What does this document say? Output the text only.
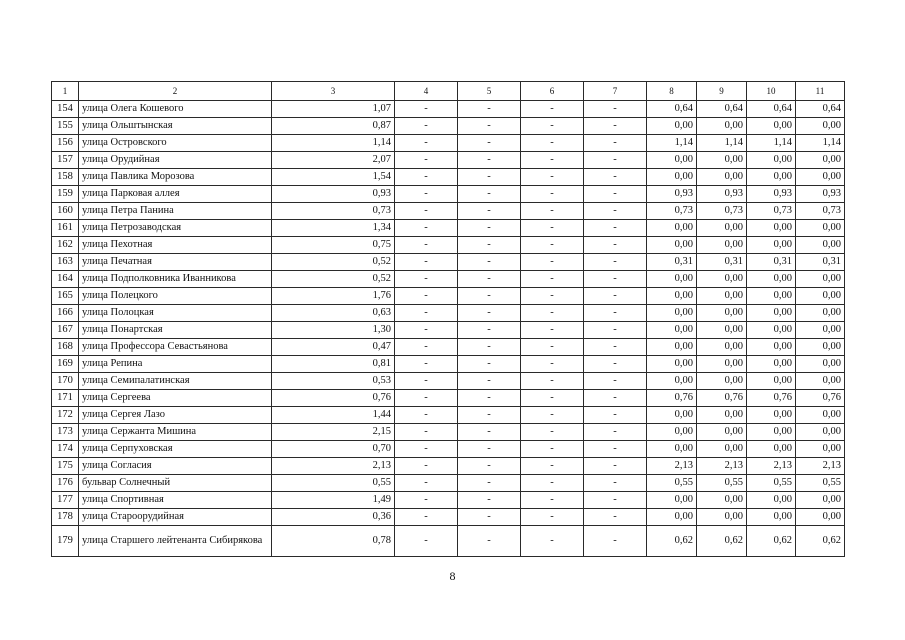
1	2	3	4	5	6	7	8	9	10	11
154	улица Олега Кошевого	1,07	-	-	-	-	0,64	0,64	0,64	0,64
155	улица Ольштынская	0,87	-	-	-	-	0,00	0,00	0,00	0,00
156	улица Островского	1,14	-	-	-	-	1,14	1,14	1,14	1,14
157	улица Орудийная	2,07	-	-	-	-	0,00	0,00	0,00	0,00
158	улица Павлика Морозова	1,54	-	-	-	-	0,00	0,00	0,00	0,00
159	улица Парковая аллея	0,93	-	-	-	-	0,93	0,93	0,93	0,93
160	улица Петра Панина	0,73	-	-	-	-	0,73	0,73	0,73	0,73
161	улица Петрозаводская	1,34	-	-	-	-	0,00	0,00	0,00	0,00
162	улица Пехотная	0,75	-	-	-	-	0,00	0,00	0,00	0,00
163	улица Печатная	0,52	-	-	-	-	0,31	0,31	0,31	0,31
164	улица Подполковника Иванникова	0,52	-	-	-	-	0,00	0,00	0,00	0,00
165	улица Полецкого	1,76	-	-	-	-	0,00	0,00	0,00	0,00
166	улица Полоцкая	0,63	-	-	-	-	0,00	0,00	0,00	0,00
167	улица Понартская	1,30	-	-	-	-	0,00	0,00	0,00	0,00
168	улица Профессора Севастьянова	0,47	-	-	-	-	0,00	0,00	0,00	0,00
169	улица Репина	0,81	-	-	-	-	0,00	0,00	0,00	0,00
170	улица Семипалатинская	0,53	-	-	-	-	0,00	0,00	0,00	0,00
171	улица Сергеева	0,76	-	-	-	-	0,76	0,76	0,76	0,76
172	улица Сергея Лазо	1,44	-	-	-	-	0,00	0,00	0,00	0,00
173	улица Сержанта Мишина	2,15	-	-	-	-	0,00	0,00	0,00	0,00
174	улица Серпуховская	0,70	-	-	-	-	0,00	0,00	0,00	0,00
175	улица Согласия	2,13	-	-	-	-	2,13	2,13	2,13	2,13
176	бульвар Солнечный	0,55	-	-	-	-	0,55	0,55	0,55	0,55
177	улица Спортивная	1,49	-	-	-	-	0,00	0,00	0,00	0,00
178	улица Староорудийная	0,36	-	-	-	-	0,00	0,00	0,00	0,00
179	улица Старшего лейтенанта Сибирякова	0,78	-	-	-	-	0,62	0,62	0,62	0,62
8
